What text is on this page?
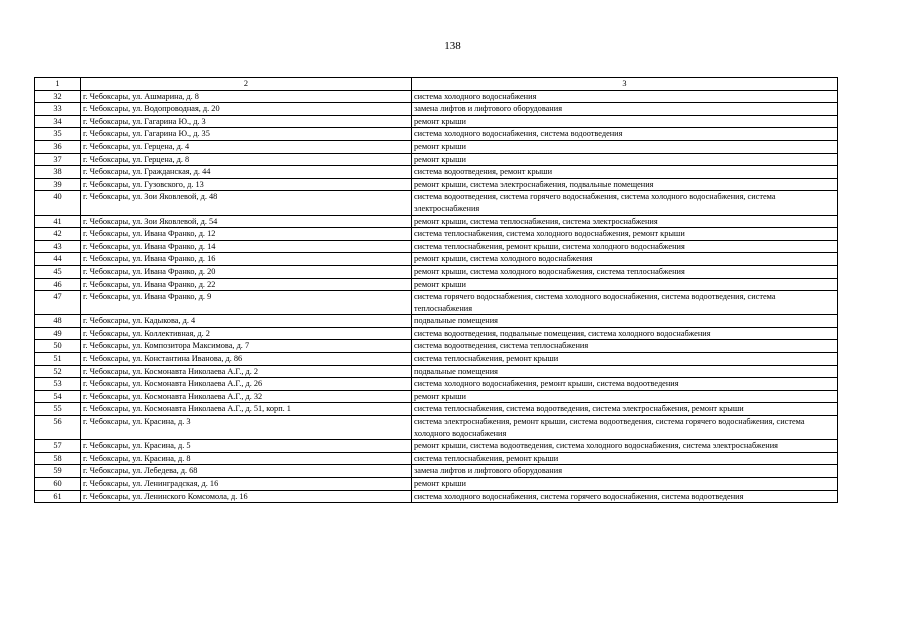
138
1	2	3
32	г. Чебоксары, ул. Ашмарина, д. 8	система холодного водоснабжения
33	г. Чебоксары, ул. Водопроводная, д. 20	замена лифтов и лифтового оборудования
34	г. Чебоксары, ул. Гагарина Ю., д. 3	ремонт крыши
35	г. Чебоксары, ул. Гагарина Ю., д. 35	система холодного водоснабжения, система водоотведения
36	г. Чебоксары, ул. Герцена, д. 4	ремонт крыши
37	г. Чебоксары, ул. Герцена, д. 8	ремонт крыши
38	г. Чебоксары, ул. Гражданская, д. 44	система водоотведения, ремонт крыши
39	г. Чебоксары, ул. Гузовского, д. 13	ремонт крыши, система электроснабжения, подвальные помещения
40	г. Чебоксары, ул. Зои Яковлевой, д. 48	система водоотведения, система горячего водоснабжения, система холодного водоснабжения, система электроснабжения
41	г. Чебоксары, ул. Зои Яковлевой, д. 54	ремонт крыши, система теплоснабжения, система электроснабжения
42	г. Чебоксары, ул. Ивана Франко, д. 12	система теплоснабжения, система холодного водоснабжения, ремонт крыши
43	г. Чебоксары, ул. Ивана Франко, д. 14	система теплоснабжения, ремонт крыши, система холодного водоснабжения
44	г. Чебоксары, ул. Ивана Франко, д. 16	ремонт крыши, система холодного водоснабжения
45	г. Чебоксары, ул. Ивана Франко, д. 20	ремонт крыши, система холодного водоснабжения, система теплоснабжения
46	г. Чебоксары, ул. Ивана Франко, д. 22	ремонт крыши
47	г. Чебоксары, ул. Ивана Франко, д. 9	система горячего водоснабжения, система холодного водоснабжения, система водоотведения, система теплоснабжения
48	г. Чебоксары, ул. Кадыкова, д. 4	подвальные помещения
49	г. Чебоксары, ул. Коллективная, д. 2	система водоотведения, подвальные помещения, система холодного водоснабжения
50	г. Чебоксары, ул. Композитора Максимова, д. 7	система водоотведения, система теплоснабжения
51	г. Чебоксары, ул. Константина Иванова, д. 86	система теплоснабжения, ремонт крыши
52	г. Чебоксары, ул. Космонавта Николаева А.Г., д. 2	подвальные помещения
53	г. Чебоксары, ул. Космонавта Николаева А.Г., д. 26	система холодного водоснабжения, ремонт крыши, система водоотведения
54	г. Чебоксары, ул. Космонавта Николаева А.Г., д. 32	ремонт крыши
55	г. Чебоксары, ул. Космонавта Николаева А.Г., д. 51, корп. 1	система теплоснабжения, система водоотведения, система электроснабжения, ремонт крыши
56	г. Чебоксары, ул. Красина, д. 3	система электроснабжения, ремонт крыши, система водоотведения, система горячего водоснабжения, система холодного водоснабжения
57	г. Чебоксары, ул. Красина, д. 5	ремонт крыши, система водоотведения, система холодного водоснабжения, система электроснабжения
58	г. Чебоксары, ул. Красина, д. 8	система теплоснабжения, ремонт крыши
59	г. Чебоксары, ул. Лебедева, д. 68	замена лифтов и лифтового оборудования
60	г. Чебоксары, ул. Ленинградская, д. 16	ремонт крыши
61	г. Чебоксары, ул. Ленинского Комсомола, д. 16	система холодного водоснабжения, система горячего водоснабжения, система водоотведения
